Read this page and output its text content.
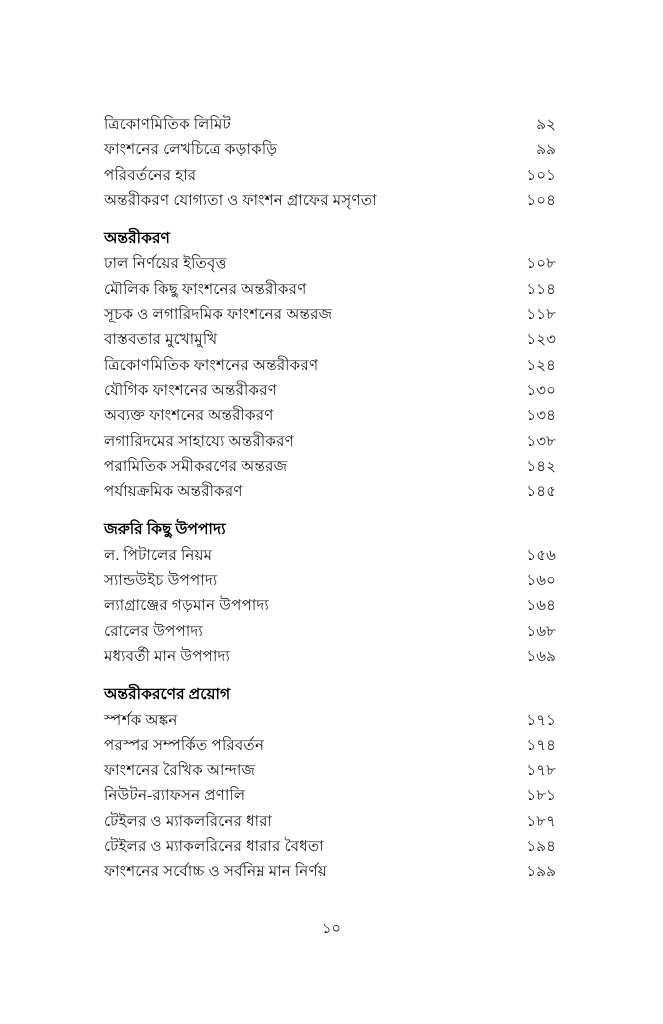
ত্রিকোণমিতিক লিমিট	৯২
ফাংশনের লেখচিত্রে কড়াকড়ি	৯৯
পরিবর্তনের হার	১০১
অন্তরীকরণ যোগ্যতা ও ফাংশন গ্রাফের মসৃণতা	১০৪
অন্তরীকরণ
ঢাল নির্ণয়ের ইতিবৃত্ত	১০৮
মৌলিক কিছু ফাংশনের অন্তরীকরণ	১১৪
সূচক ও লগারিদমিক ফাংশনের অন্তরজ	১১৮
বাস্তবতার মুখোমুখি	১২৩
ত্রিকোণমিতিক ফাংশনের অন্তরীকরণ	১২৪
যৌগিক ফাংশনের অন্তরীকরণ	১৩০
অব্যক্ত ফাংশনের অন্তরীকরণ	১৩৪
লগারিদমের সাহায্যে অন্তরীকরণ	১৩৮
পরামিতিক সমীকরণের অন্তরজ	১৪২
পর্যায়ক্রমিক অন্তরীকরণ	১৪৫
জরুরি কিছু উপপাদ্য
ল. পিটালের নিয়ম	১৫৬
স্যান্ডউইচ উপপাদ্য	১৬০
ল্যাগ্রাঞ্জের গড়মান উপপাদ্য	১৬৪
রোলের উপপাদ্য	১৬৮
মধ্যবর্তী মান উপপাদ্য	১৬৯
অন্তরীকরণের প্রয়োগ
স্পর্শক অঙ্কন	১৭১
পরস্পর সম্পর্কিত পরিবর্তন	১৭৪
ফাংশনের রৈখিক আন্দাজ	১৭৮
নিউটন-র‍্যাফসন প্রণালি	১৮১
টেইলর ও ম্যাকলরিনের ধারা	১৮৭
টেইলর ও ম্যাকলরিনের ধারার বৈধতা	১৯৪
ফাংশনের সর্বোচ্চ ও সর্বনিম্ন মান নির্ণয়	১৯৯
১০
